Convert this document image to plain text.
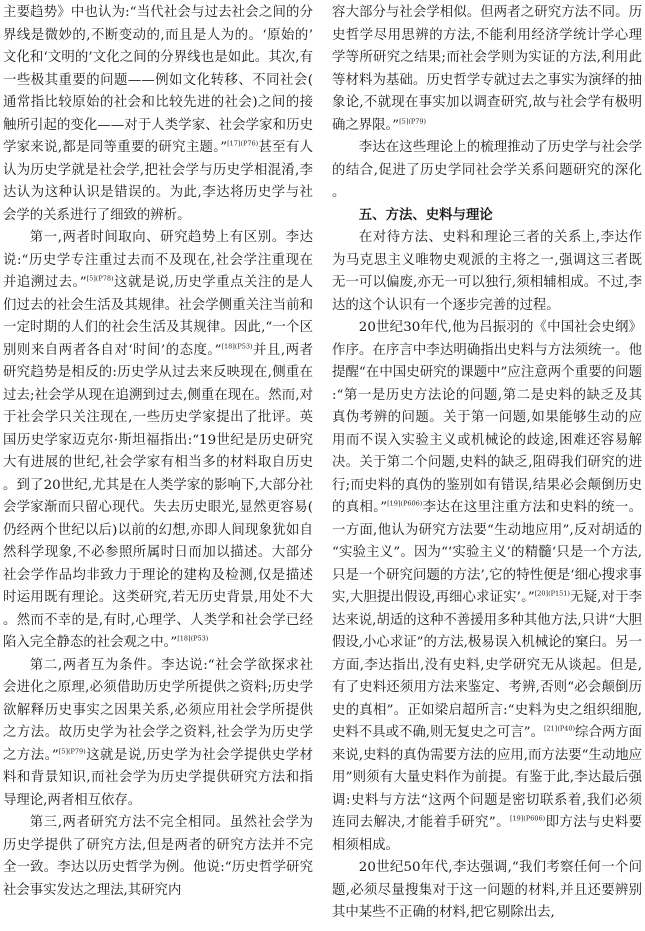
主要趋势》中也认为:“当代社会与过去社会之间的分界线是微妙的,不断变动的,而且是人为的。‘原始的’文化和‘文明的’文化之间的分界线也是如此。其次,有一些极其重要的问题——例如文化转移、不同社会(通常指比较原始的社会和比较先进的社会)之间的接触所引起的变化——对于人类学家、社会学家和历史学家来说,都是同等重要的研究主题。”$^{[17](P76)}$甚至有人认为历史学就是社会学,把社会学与历史学相混淆,李达认为这种认识是错误的。为此,李达将历史学与社会学的关系进行了细致的辨析。

第一,两者时间取向、研究趋势上有区别。李达说:“历史学专注重过去而不及现在,社会学注重现在并追溯过去。”$^{[5](P78)}$这就是说,历史学重点关注的是人们过去的社会生活及其规律。社会学侧重关注当前和一定时期的人们的社会生活及其规律。因此,“一个区别则来自两者各自对‘时间’的态度。”$^{[18](P53)}$并且,两者研究趋势是相反的:历史学从过去来反映现在,侧重在过去;社会学从现在追溯到过去,侧重在现在。然而,对于社会学只关注现在,一些历史学家提出了批评。英国历史学家迈克尔·斯坦福指出:“19世纪是历史研究大有进展的世纪,社会学家有相当多的材料取自历史。到了20世纪,尤其是在人类学家的影响下,大部分社会学家渐而只留心现代。失去历史眼光,显然更容易(仍经两个世纪以后)以前的幻想,亦即人间现象犹如自然科学现象,不必参照所属时日而加以描述。大部分社会学作品均非致力于理论的建构及检测,仅是描述时运用既有理论。这类研究,若无历史背景,用处不大。然而不幸的是,有时,心理学、人类学和社会学已经陷入完全静态的社会观之中。”$^{[18](P53)}$

第二,两者互为条件。李达说:“社会学欲探求社会进化之原理,必须借助历史学所提供之资料;历史学欲解释历史事实之因果关系,必须应用社会学所提供之方法。故历史学为社会学之资料,社会学为历史学之方法。”$^{[5](P79)}$这就是说,历史学为社会学提供史学材料和背景知识,而社会学为历史学提供研究方法和指导理论,两者相互依存。

第三,两者研究方法不完全相同。虽然社会学为历史学提供了研究方法,但是两者的研究方法并不完全一致。李达以历史哲学为例。他说:“历史哲学研究社会事实发达之理法,其研究内

容大部分与社会学相似。但两者之研究方法不同。历史哲学尽用思辨的方法,不能利用经济学统计学心理学等所研究之结果;而社会学则为实证的方法,利用此等材料为基础。历史哲学专就过去之事实为演绎的抽象论,不就现在事实加以调查研究,故与社会学有极明确之界限。”$^{[5](P79)}$

李达在这些理论上的梳理推动了历史学与社会学的结合,促进了历史学同社会学关系问题研究的深化。

五、方法、史料与理论

在对待方法、史料和理论三者的关系上,李达作为马克思主义唯物史观派的主将之一,强调这三者既无一可以偏废,亦无一可以独行,须相辅相成。不过,李达的这个认识有一个逐步完善的过程。

20世纪30年代,他为吕振羽的《中国社会史纲》作序。在序言中李达明确指出史料与方法须统一。他提醒“在中国史研究的课题中”应注意两个重要的问题:“第一是历史方法论的问题,第二是史料的缺乏及其真伪考辨的问题。关于第一问题,如果能够生动的应用而不误入实验主义或机械论的歧途,困难还容易解决。关于第二个问题,史料的缺乏,阻碍我们研究的进行;而史料的真伪的鉴别如有错误,结果必会颠倒历史的真相。”$^{[19](P606)}$李达在这里注重方法和史料的统一。一方面,他认为研究方法要“生动地应用”,反对胡适的“实验主义”。因为“‘实验主义’的精髓‘只是一个方法,只是一个研究问题的方法’,它的特性便是‘细心搜求事实,大胆提出假设,再细心求证实’。”$^{[20](P151)}$无疑,对于李达来说,胡适的这种不善援用多种其他方法,只讲“大胆假设,小心求证”的方法,极易误入机械论的窠臼。另一方面,李达指出,没有史料,史学研究无从谈起。但是,有了史料还须用方法来鉴定、考辨,否则“必会颠倒历史的真相”。正如梁启超所言:“史料为史之组织细胞,史料不具或不确,则无复史之可言”。$^{[21](P40)}$综合两方面来说,史料的真伪需要方法的应用,而方法要“生动地应用”则须有大量史料作为前提。有鉴于此,李达最后强调:史料与方法“这两个问题是密切联系着,我们必须连同去解决,才能着手研究”。$^{[19](P606)}$即方法与史料要相须相成。

20世纪50年代,李达强调,“我们考察任何一个问题,必须尽量搜集对于这一问题的材料,并且还要辨别其中某些不正确的材料,把它剔除出去,
